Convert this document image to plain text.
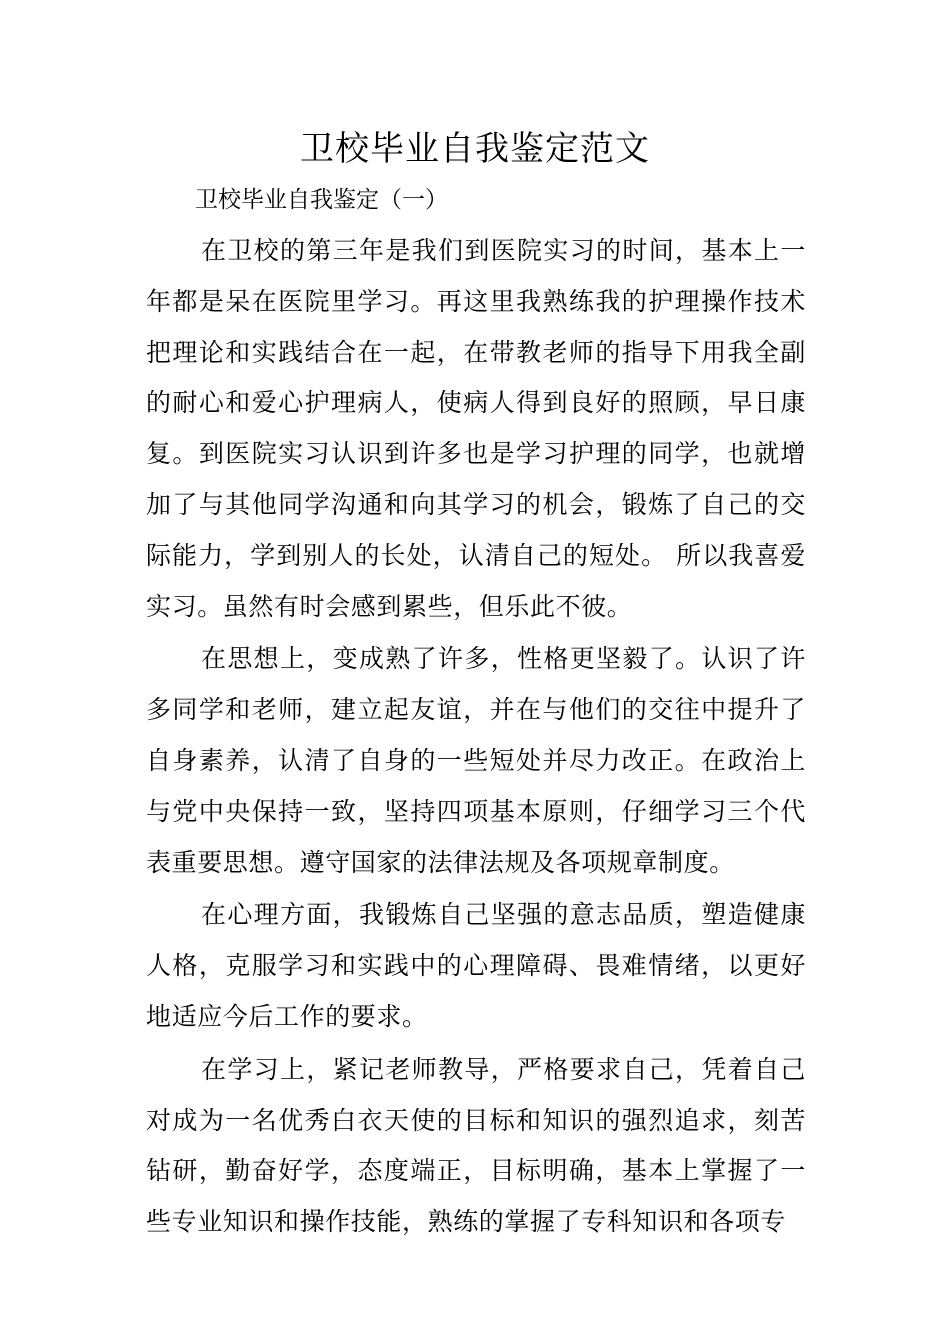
卫校毕业自我鉴定范文

卫校毕业自我鉴定（一）

在卫校的第三年是我们到医院实习的时间，基本上一年都是呆在医院里学习。再这里我熟练我的护理操作技术把理论和实践结合在一起，在带教老师的指导下用我全副的耐心和爱心护理病人，使病人得到良好的照顾，早日康复。到医院实习认识到许多也是学习护理的同学，也就增加了与其他同学沟通和向其学习的机会，锻炼了自己的交际能力，学到别人的长处，认清自己的短处。 所以我喜爱实习。虽然有时会感到累些，但乐此不彼。

在思想上，变成熟了许多，性格更坚毅了。认识了许多同学和老师，建立起友谊，并在与他们的交往中提升了自身素养，认清了自身的一些短处并尽力改正。在政治上与党中央保持一致，坚持四项基本原则，仔细学习三个代表重要思想。遵守国家的法律法规及各项规章制度。

在心理方面，我锻炼自己坚强的意志品质，塑造健康人格，克服学习和实践中的心理障碍、畏难情绪，以更好地适应今后工作的要求。

在学习上，紧记老师教导，严格要求自己，凭着自己对成为一名优秀白衣天使的目标和知识的强烈追求，刻苦钻研，勤奋好学，态度端正，目标明确，基本上掌握了一些专业知识和操作技能，熟练的掌握了专科知识和各项专
